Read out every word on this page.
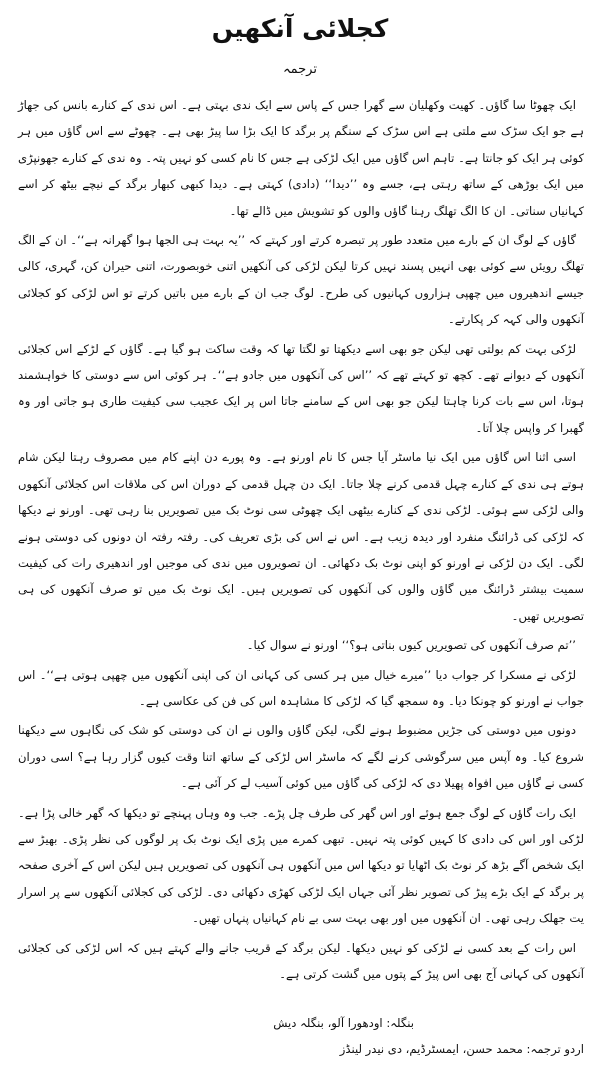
کجلائی آنکھیں
ترجمہ

ایک چھوٹا سا گاؤں۔ کھیت وکھلیان سے گھرا جس کے پاس سے ایک ندی بہتی ہے۔ اس ندی کے کنارے بانس کی جھاڑ ہے جو ایک سڑک سے ملتی ہے اس سڑک کے سنگم پر برگد کا ایک بڑا سا پیڑ بھی ہے۔ چھوٹے سے اس گاؤں میں ہر کوئی ہر ایک کو جانتا ہے۔ تاہم اس گاؤں میں ایک لڑکی ہے جس کا نام کسی کو نہیں پتہ۔ وہ ندی کے کنارے جھونپڑی میں ایک بوڑھی کے ساتھ رہتی ہے، جسے وہ ’’دیدا‘‘ (دادی) کہتی ہے۔ دیدا کبھی کبھار برگد کے نیچے بیٹھ کر اسے کہانیاں سناتی۔ ان کا الگ تھلگ رہنا گاؤں والوں کو تشویش میں ڈالے تھا۔

گاؤں کے لوگ ان کے بارے میں متعدد طور پر تبصرہ کرتے اور کہتے کہ ’’یہ بہت ہی الجھا ہوا گھرانہ ہے‘‘۔ ان کے الگ تھلگ رویئں سے کوئی بھی انہیں پسند نہیں کرتا لیکن لڑکی کی آنکھیں اتنی خوبصورت، اتنی حیران کن، گہری، کالی جیسے اندھیروں میں چھپی ہزاروں کہانیوں کی طرح۔ لوگ جب ان کے بارے میں باتیں کرتے تو اس لڑکی کو کجلائی آنکھوں والی کہہ کر پکارتے۔

لڑکی بہت کم بولتی تھی لیکن جو بھی اسے دیکھتا تو لگتا تھا کہ وقت ساکت ہو گیا ہے۔ گاؤں کے لڑکے اس کجلائی آنکھوں کے دیوانے تھے۔ کچھ تو کہتے تھے کہ ’’اس کی آنکھوں میں جادو ہے‘‘۔ ہر کوئی اس سے دوستی کا خواہشمند ہوتا، اس سے بات کرنا چاہتا لیکن جو بھی اس کے سامنے جاتا اس پر ایک عجیب سی کیفیت طاری ہو جاتی اور وہ گھبرا کر واپس چلا آتا۔

اسی اثنا اس گاؤں میں ایک نیا ماسٹر آیا جس کا نام اورنو ہے۔ وہ پورے دن اپنے کام میں مصروف رہتا لیکن شام ہوتے ہی ندی کے کنارے چہل قدمی کرنے چلا جاتا۔ ایک دن چہل قدمی کے دوران اس کی ملاقات اس کجلائی آنکھوں والی لڑکی سے ہوئی۔ لڑکی ندی کے کنارے بیٹھی ایک چھوٹی سی نوٹ بک میں تصویریں بنا رہی تھی۔ اورنو نے دیکھا کہ لڑکی کی ڈرائنگ منفرد اور دیدہ زیب ہے۔ اس نے اس کی بڑی تعریف کی۔ رفتہ رفتہ ان دونوں کی دوستی ہونے لگی۔ ایک دن لڑکی نے اورنو کو اپنی نوٹ بک دکھائی۔ ان تصویروں میں ندی کی موجیں اور اندھیری رات کی کیفیت سمیت بیشتر ڈرائنگ میں گاؤں والوں کی آنکھوں کی تصویریں ہیں۔ ایک نوٹ بک میں تو صرف آنکھوں کی ہی تصویریں تھیں۔

’’تم صرف آنکھوں کی تصویریں کیوں بناتی ہو؟‘‘ اورنو نے سوال کیا۔

لڑکی نے مسکرا کر جواب دیا ’’میرے خیال میں ہر کسی کی کہانی ان کی اپنی آنکھوں میں چھپی ہوتی ہے‘‘۔ اس جواب نے اورنو کو چونکا دیا۔ وہ سمجھ گیا کہ لڑکی کا مشاہدہ اس کی فن کی عکاسی ہے۔

دونوں میں دوستی کی جڑیں مضبوط ہونے لگی، لیکن گاؤں والوں نے ان کی دوستی کو شک کی نگاہوں سے دیکھنا شروع کیا۔ وہ آپس میں سرگوشی کرنے لگے کہ ماسٹر اس لڑکی کے ساتھ اتنا وقت کیوں گزار رہا ہے؟ اسی دوران کسی نے گاؤں میں افواہ پھیلا دی کہ لڑکی کی گاؤں میں کوئی آسیب لے کر آئی ہے۔

ایک رات گاؤں کے لوگ جمع ہوئے اور اس گھر کی طرف چل پڑے۔ جب وہ وہاں پہنچے تو دیکھا کہ گھر خالی پڑا ہے۔ لڑکی اور اس کی دادی کا کہیں کوئی پتہ نہیں۔ تبھی کمرے میں پڑی ایک نوٹ بک پر لوگوں کی نظر پڑی۔ بھیڑ سے ایک شخص آگے بڑھ کر نوٹ بک اٹھایا تو دیکھا اس میں آنکھوں ہی آنکھوں کی تصویریں ہیں لیکن اس کے آخری صفحہ پر برگد کے ایک بڑے پیڑ کی تصویر نظر آئی جہاں ایک لڑکی کھڑی دکھائی دی۔ لڑکی کی کجلائی آنکھوں سے پر اسرار یت جھلک رہی تھی۔ ان آنکھوں میں اور بھی بہت سی بے نام کہانیاں پنہاں تھیں۔

اس رات کے بعد کسی نے لڑکی کو نہیں دیکھا۔ لیکن برگد کے قریب جانے والے کہتے ہیں کہ اس لڑکی کی کجلائی آنکھوں کی کہانی آج بھی اس پیڑ کے پتوں میں گشت کرتی ہے۔

بنگلہ: اودھورا آلو، بنگلہ دیش
اردو ترجمہ: محمد حسن، ایمسٹرڈیم، دی نیدر لینڈز
